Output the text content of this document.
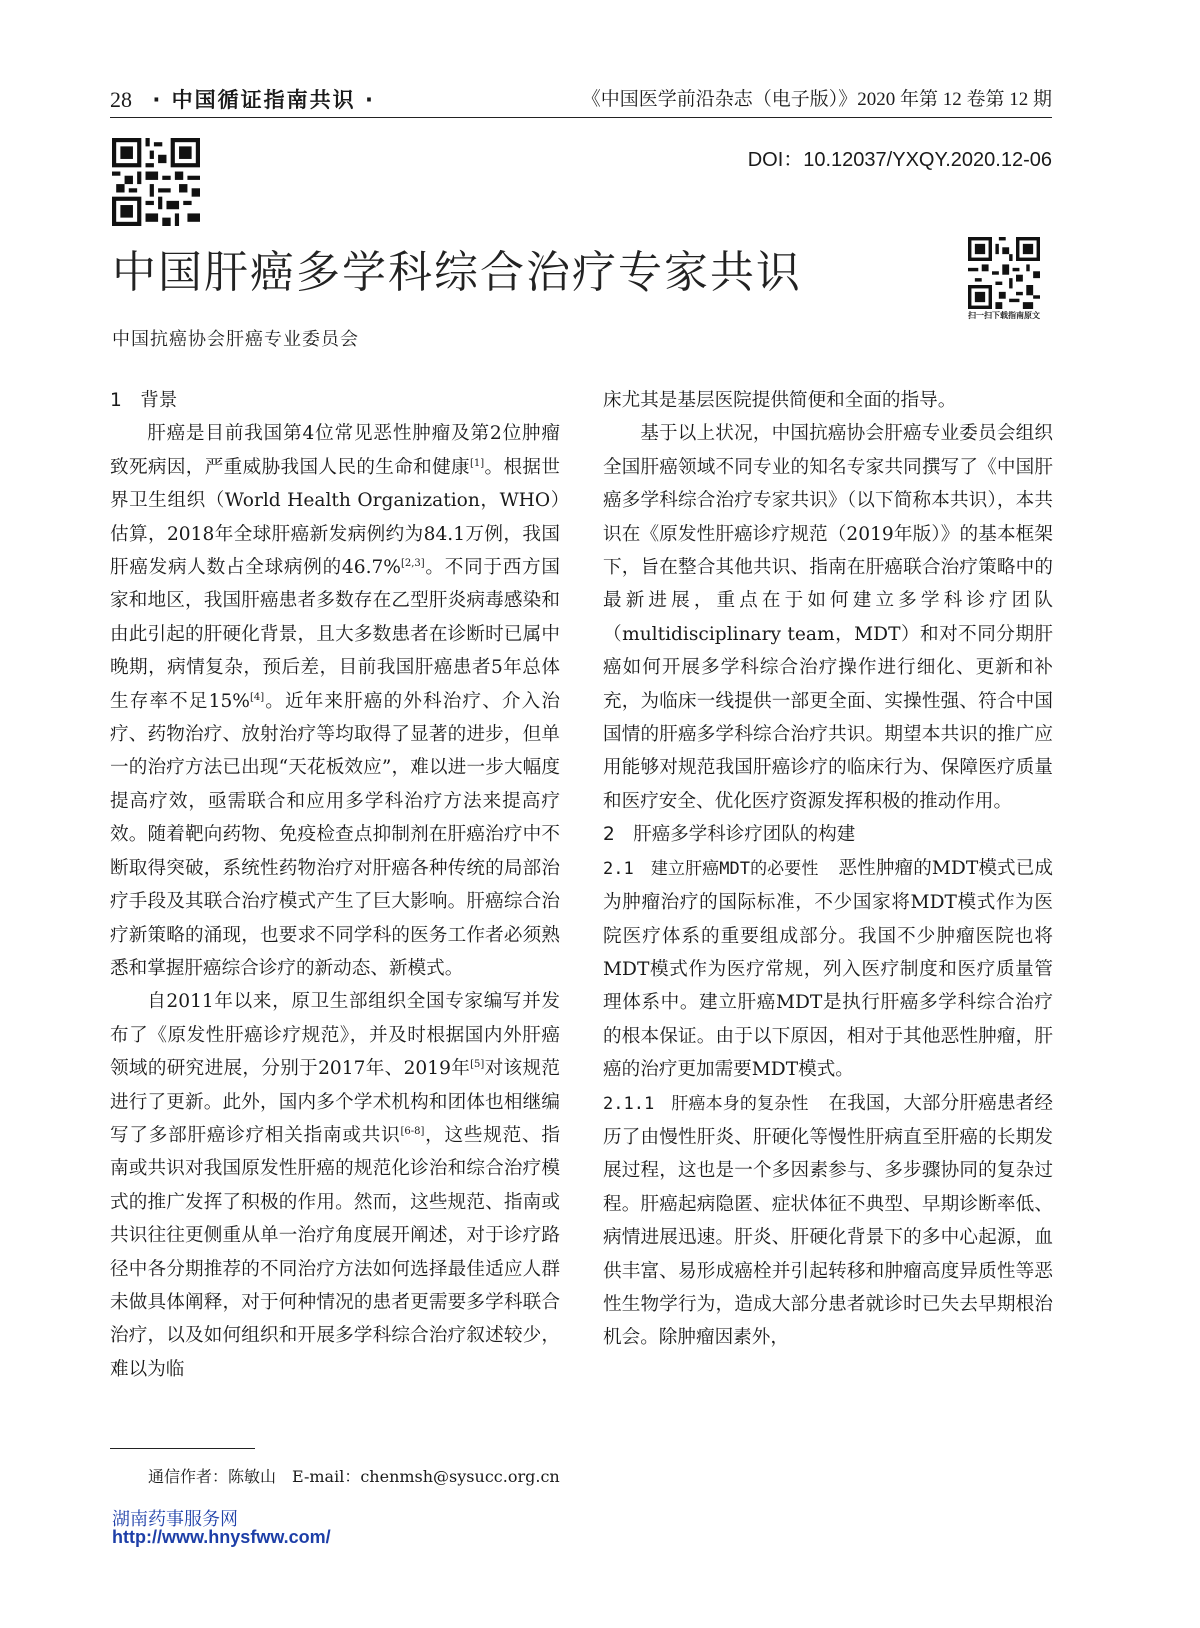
28 · 中国循证指南共识 ·	《中国医学前沿杂志（电子版）》2020 年第 12 卷第 12 期
DOI：10.12037/YXQY.2020.12-06
中国肝癌多学科综合治疗专家共识
扫一扫下载指南原文
中国抗癌协会肝癌专业委员会

1　背景

肝癌是目前我国第4位常见恶性肿瘤及第2位肿瘤致死病因，严重威胁我国人民的生命和健康[1]。根据世界卫生组织（World Health Organization，WHO）估算，2018年全球肝癌新发病例约为84.1万例，我国肝癌发病人数占全球病例的46.7%[2,3]。不同于西方国家和地区，我国肝癌患者多数存在乙型肝炎病毒感染和由此引起的肝硬化背景，且大多数患者在诊断时已属中晚期，病情复杂，预后差，目前我国肝癌患者5年总体生存率不足15%[4]。近年来肝癌的外科治疗、介入治疗、药物治疗、放射治疗等均取得了显著的进步，但单一的治疗方法已出现“天花板效应”，难以进一步大幅度提高疗效，亟需联合和应用多学科治疗方法来提高疗效。随着靶向药物、免疫检查点抑制剂在肝癌治疗中不断取得突破，系统性药物治疗对肝癌各种传统的局部治疗手段及其联合治疗模式产生了巨大影响。肝癌综合治疗新策略的涌现，也要求不同学科的医务工作者必须熟悉和掌握肝癌综合诊疗的新动态、新模式。

自2011年以来，原卫生部组织全国专家编写并发布了《原发性肝癌诊疗规范》，并及时根据国内外肝癌领域的研究进展，分别于2017年、2019年[5]对该规范进行了更新。此外，国内多个学术机构和团体也相继编写了多部肝癌诊疗相关指南或共识[6-8]，这些规范、指南或共识对我国原发性肝癌的规范化诊治和综合治疗模式的推广发挥了积极的作用。然而，这些规范、指南或共识往往更侧重从单一治疗角度展开阐述，对于诊疗路径中各分期推荐的不同治疗方法如何选择最佳适应人群未做具体阐释，对于何种情况的患者更需要多学科联合治疗，以及如何组织和开展多学科综合治疗叙述较少，难以为临

床尤其是基层医院提供简便和全面的指导。

基于以上状况，中国抗癌协会肝癌专业委员会组织全国肝癌领域不同专业的知名专家共同撰写了《中国肝癌多学科综合治疗专家共识》（以下简称本共识），本共识在《原发性肝癌诊疗规范（2019年版）》的基本框架下，旨在整合其他共识、指南在肝癌联合治疗策略中的最新进展，重点在于如何建立多学科诊疗团队（multidisciplinary team，MDT）和对不同分期肝癌如何开展多学科综合治疗操作进行细化、更新和补充，为临床一线提供一部更全面、实操性强、符合中国国情的肝癌多学科综合治疗共识。期望本共识的推广应用能够对规范我国肝癌诊疗的临床行为、保障医疗质量和医疗安全、优化医疗资源发挥积极的推动作用。

2　肝癌多学科诊疗团队的构建

2.1　建立肝癌MDT的必要性 恶性肿瘤的MDT模式已成为肿瘤治疗的国际标准，不少国家将MDT模式作为医院医疗体系的重要组成部分。我国不少肿瘤医院也将MDT模式作为医疗常规，列入医疗制度和医疗质量管理体系中。建立肝癌MDT是执行肝癌多学科综合治疗的根本保证。由于以下原因，相对于其他恶性肿瘤，肝癌的治疗更加需要MDT模式。

2.1.1　肝癌本身的复杂性 在我国，大部分肝癌患者经历了由慢性肝炎、肝硬化等慢性肝病直至肝癌的长期发展过程，这也是一个多因素参与、多步骤协同的复杂过程。肝癌起病隐匿、症状体征不典型、早期诊断率低、病情进展迅速。肝炎、肝硬化背景下的多中心起源，血供丰富、易形成癌栓并引起转移和肿瘤高度异质性等恶性生物学行为，造成大部分患者就诊时已失去早期根治机会。除肿瘤因素外，

通信作者：陈敏山　E-mail：chenmsh@sysucc.org.cn
湖南药事服务网
http://www.hnysfww.com/
